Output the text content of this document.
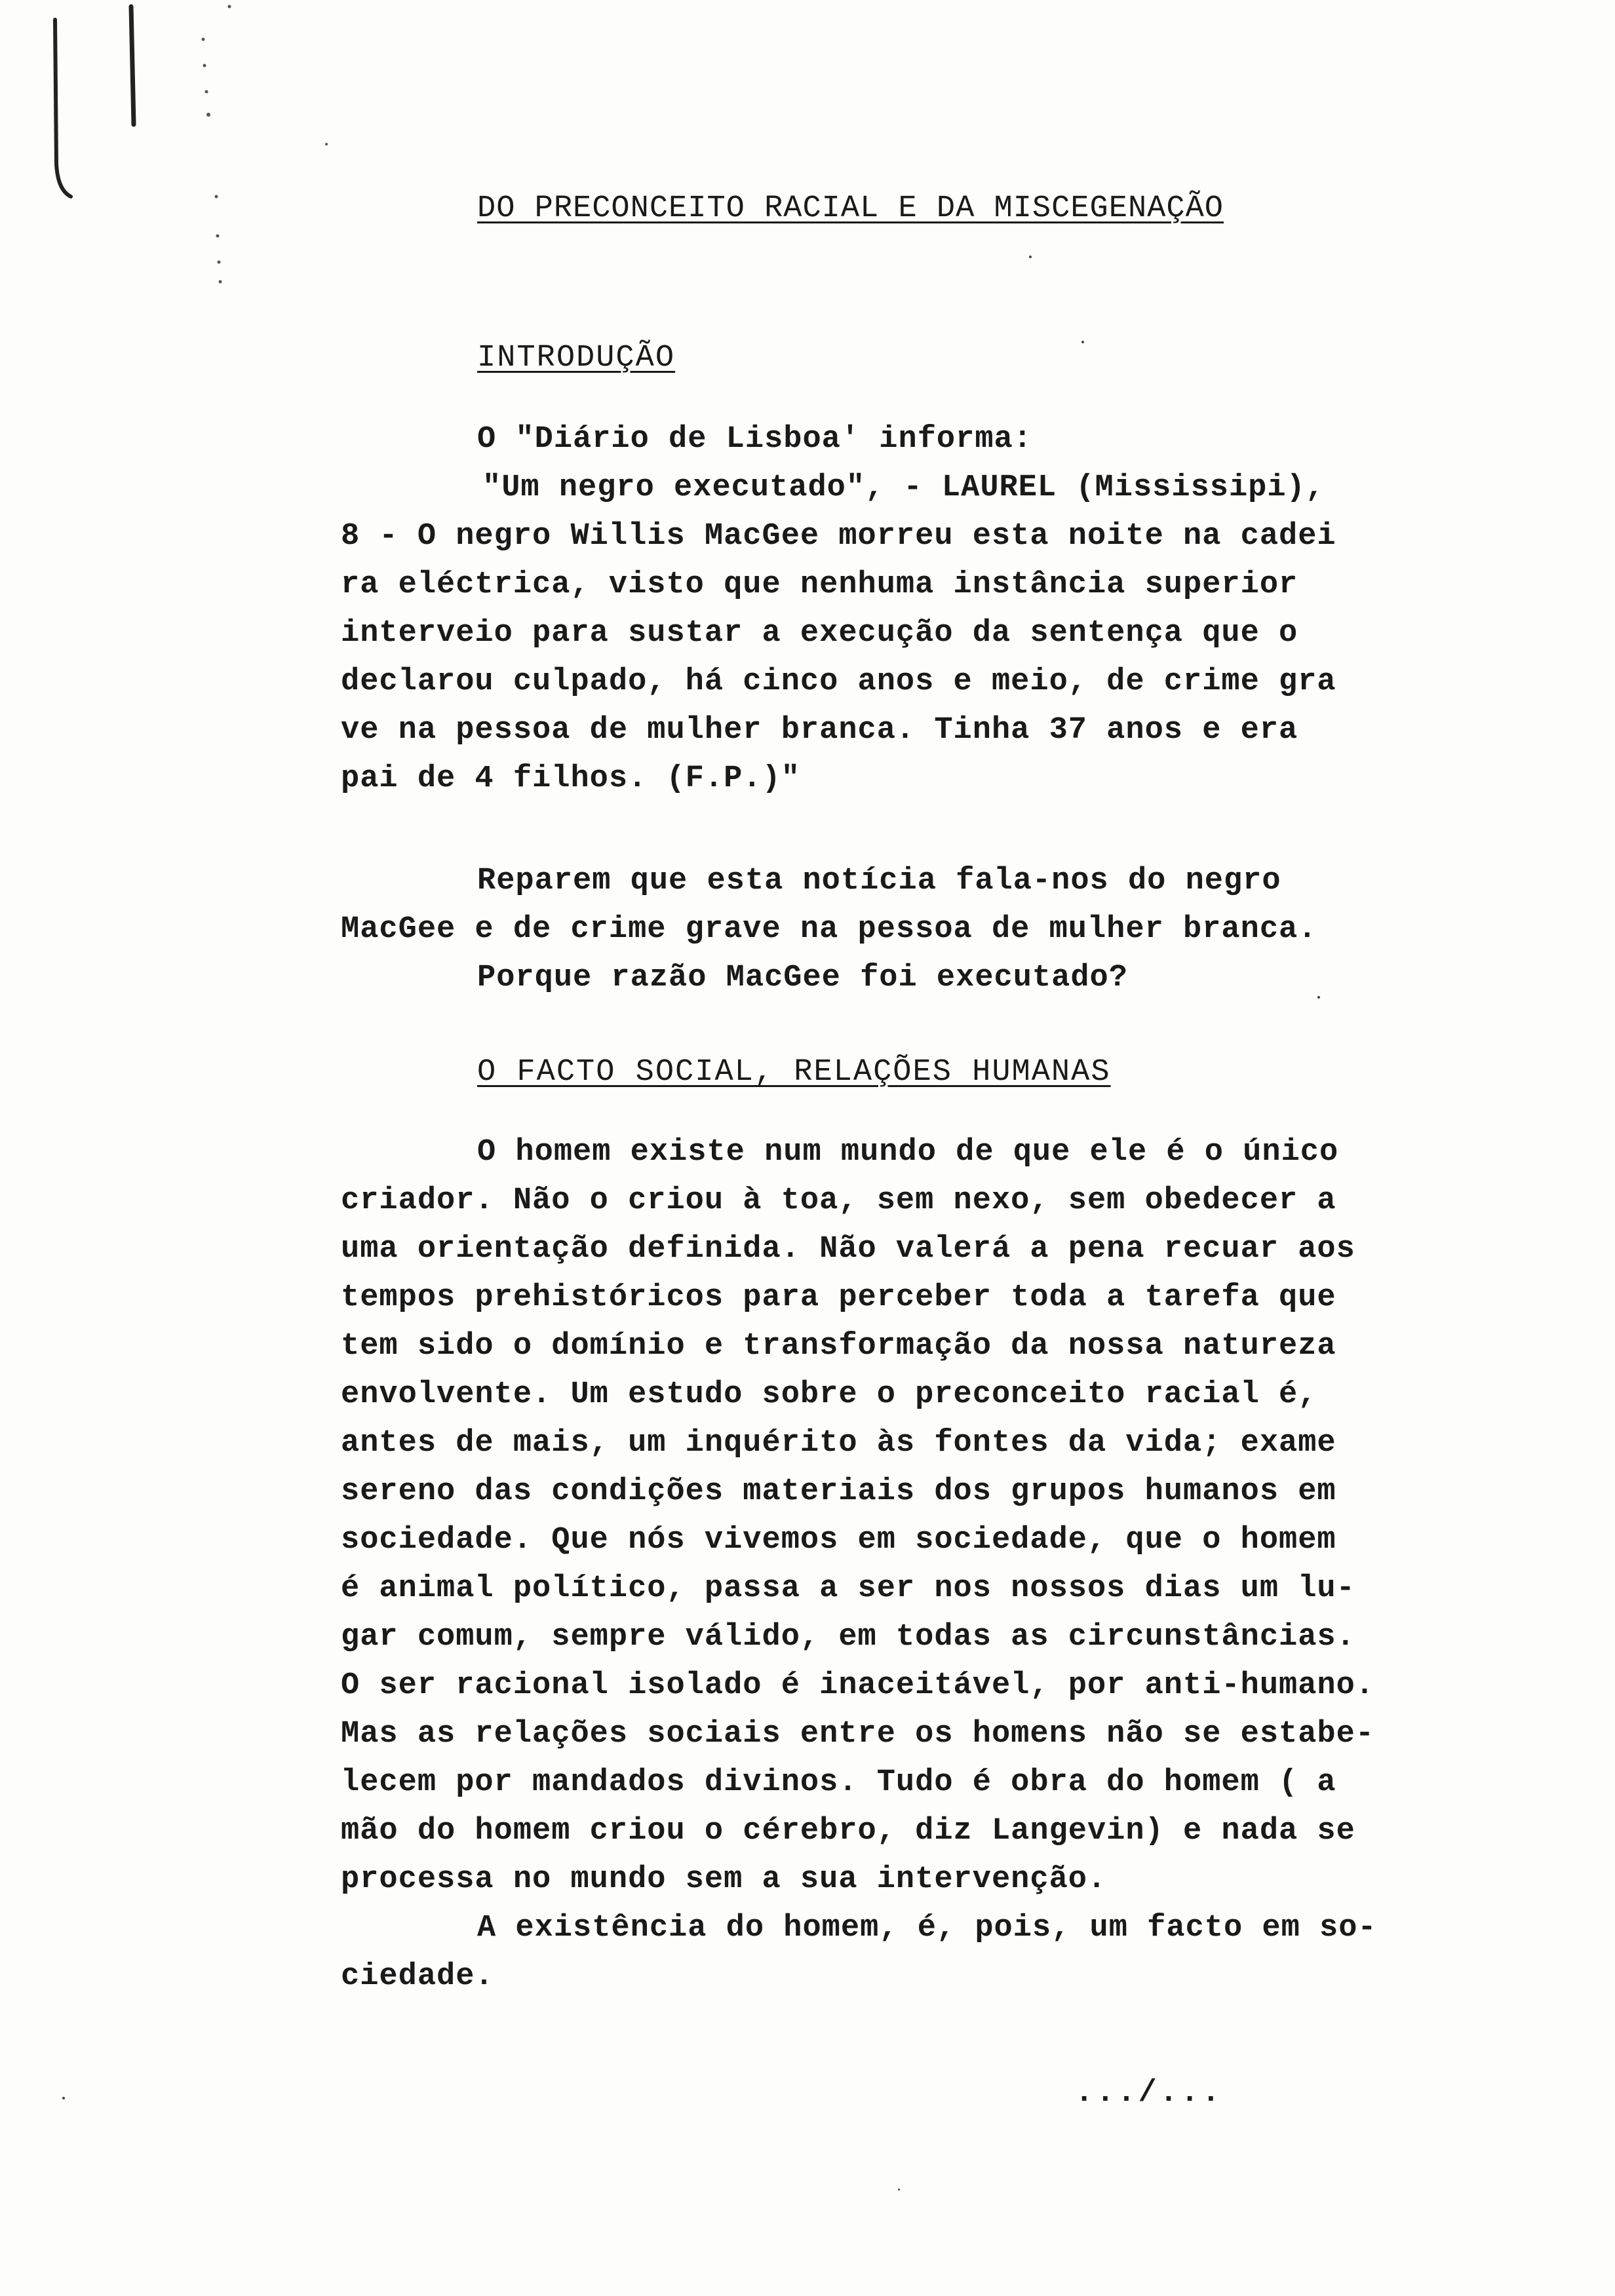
DO PRECONCEITO RACIAL E DA MISCEGENAÇÃO
INTRODUÇÃO
O "Diário de Lisboa' informa:
"Um negro executado", - LAUREL (Mississipi),
8 - O negro Willis MacGee morreu esta noite na cadei
ra eléctrica, visto que nenhuma instância superior
interveio para sustar a execução da sentença que o
declarou culpado, há cinco anos e meio, de crime gra
ve na pessoa de mulher branca. Tinha 37 anos e era
pai de 4 filhos. (F.P.)"
Reparem que esta notícia fala-nos do negro
MacGee e de crime grave na pessoa de mulher branca.
Porque razão MacGee foi executado?
O FACTO SOCIAL, RELAÇÕES HUMANAS
O homem existe num mundo de que ele é o único
criador. Não o criou à toa, sem nexo, sem obedecer a
uma orientação definida. Não valerá a pena recuar aos
tempos prehistóricos para perceber toda a tarefa que
tem sido o domínio e transformação da nossa natureza
envolvente. Um estudo sobre o preconceito racial é,
antes de mais, um inquérito às fontes da vida; exame
sereno das condições materiais dos grupos humanos em
sociedade. Que nós vivemos em sociedade, que o homem
é animal político, passa a ser nos nossos dias um lu-
gar comum, sempre válido, em todas as circunstâncias.
O ser racional isolado é inaceitável, por anti-humano.
Mas as relações sociais entre os homens não se estabe-
lecem por mandados divinos. Tudo é obra do homem ( a
mão do homem criou o cérebro, diz Langevin) e nada se
processa no mundo sem a sua intervenção.
A existência do homem, é, pois, um facto em so-
ciedade.
.../...
